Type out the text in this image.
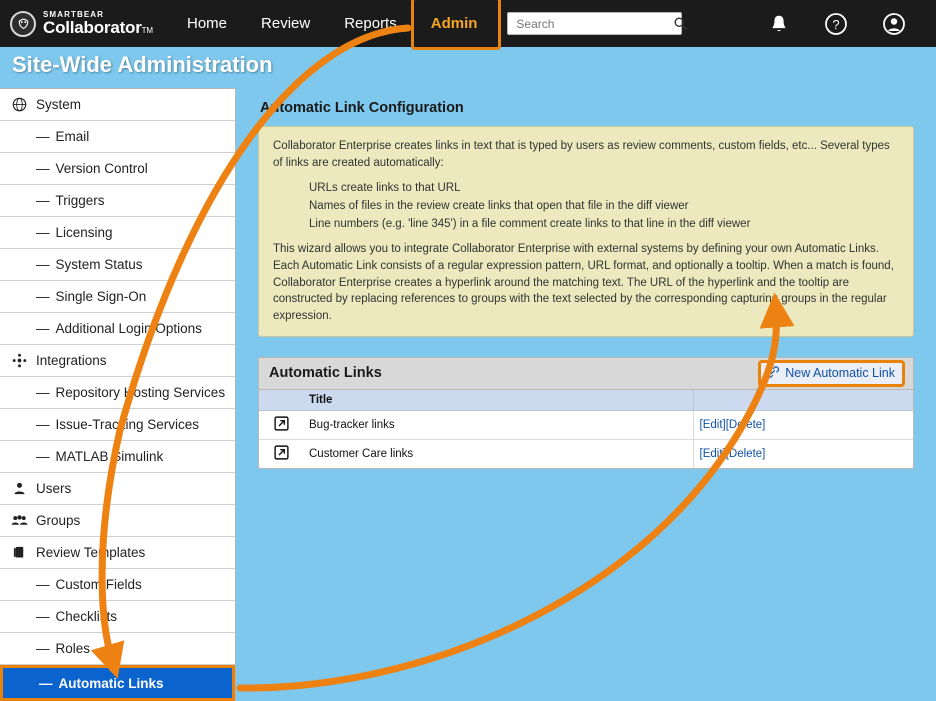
SMARTBEAR
CollaboratorTM	Home	Review	Reports	Admin
Search	?
Site-Wide Administration
System
— Email
— Version Control
— Triggers
— Licensing
— System Status
— Single Sign-On
— Additional Login Options
Integrations
— Repository Hosting Services
— Issue-Tracking Services
— MATLAB Simulink
Users
Groups
Review Templates
— Custom Fields
— Checklists
— Roles
— Automatic Links
Automatic Link Configuration

Collaborator Enterprise creates links in text that is typed by users as review comments, custom fields, etc... Several types of links are created automatically:

URLs create links to that URL
Names of files in the review create links that open that file in the diff viewer
Line numbers (e.g. 'line 345') in a file comment create links to that line in the diff viewer

This wizard allows you to integrate Collaborator Enterprise with external systems by defining your own Automatic Links. Each Automatic Link consists of a regular expression pattern, URL format, and optionally a tooltip. When a match is found, Collaborator Enterprise creates a hyperlink around the matching text. The URL of the hyperlink and the tooltip are constructed by replacing references to groups with the text selected by the corresponding capturing groups in the regular expression.

Automatic Links	New Automatic Link
	Title	
	Bug-tracker links	[Edit][Delete]
	Customer Care links	[Edit][Delete]
